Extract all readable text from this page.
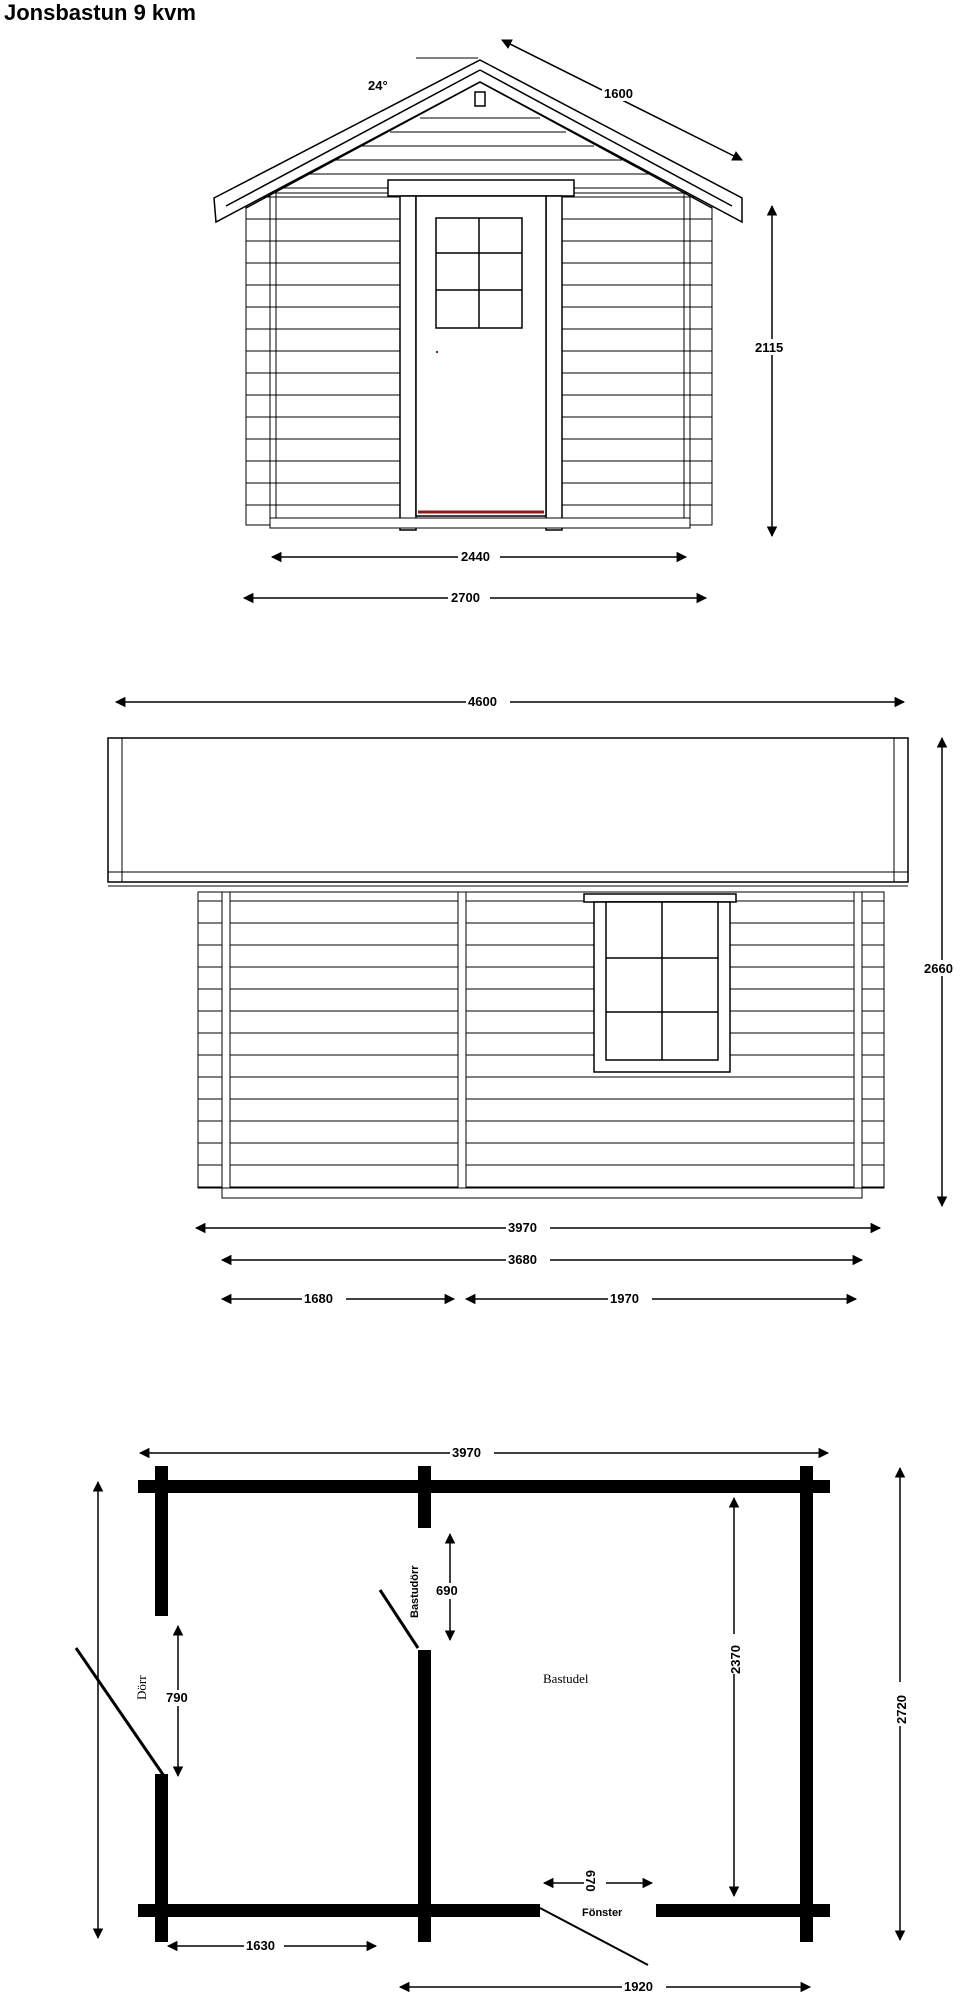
Jonsbastun 9 kvm
24°
1600
2115
2440
2700
4600
2660
3970
3680
1680	1970
3970
Dörr
Bastudörr
Bastudel
Fönster
790
690
2370
2720
670
1630
1920
